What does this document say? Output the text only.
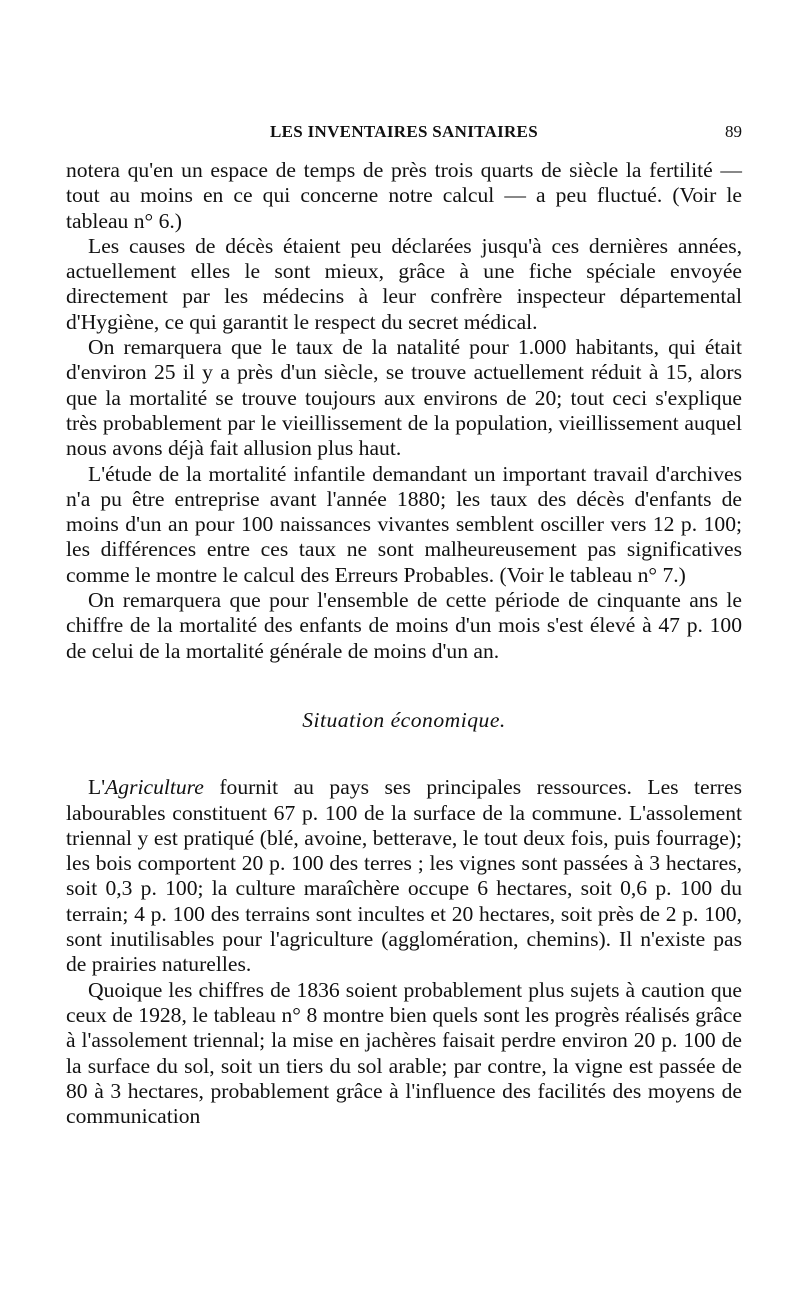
LES INVENTAIRES SANITAIRES	89

notera qu'en un espace de temps de près trois quarts de siècle la fertilité — tout au moins en ce qui concerne notre calcul — a peu fluctué. (Voir le tableau n° 6.)

Les causes de décès étaient peu déclarées jusqu'à ces dernières années, actuellement elles le sont mieux, grâce à une fiche spéciale envoyée directement par les médecins à leur confrère inspecteur départemental d'Hygiène, ce qui garantit le respect du secret médical.

On remarquera que le taux de la natalité pour 1.000 habitants, qui était d'environ 25 il y a près d'un siècle, se trouve actuellement réduit à 15, alors que la mortalité se trouve toujours aux environs de 20; tout ceci s'explique très probablement par le vieillissement de la population, vieillissement auquel nous avons déjà fait allusion plus haut.

L'étude de la mortalité infantile demandant un important travail d'archives n'a pu être entreprise avant l'année 1880; les taux des décès d'enfants de moins d'un an pour 100 naissances vivantes semblent osciller vers 12 p. 100; les différences entre ces taux ne sont malheureusement pas significatives comme le montre le calcul des Erreurs Probables. (Voir le tableau n° 7.)

On remarquera que pour l'ensemble de cette période de cinquante ans le chiffre de la mortalité des enfants de moins d'un mois s'est élevé à 47 p. 100 de celui de la mortalité générale de moins d'un an.

Situation économique.

L'Agriculture fournit au pays ses principales ressources. Les terres labourables constituent 67 p. 100 de la surface de la commune. L'assolement triennal y est pratiqué (blé, avoine, betterave, le tout deux fois, puis fourrage); les bois comportent 20 p. 100 des terres ; les vignes sont passées à 3 hectares, soit 0,3 p. 100; la culture maraîchère occupe 6 hectares, soit 0,6 p. 100 du terrain; 4 p. 100 des terrains sont incultes et 20 hectares, soit près de 2 p. 100, sont inutilisables pour l'agriculture (agglomération, chemins). Il n'existe pas de prairies naturelles.

Quoique les chiffres de 1836 soient probablement plus sujets à caution que ceux de 1928, le tableau n° 8 montre bien quels sont les progrès réalisés grâce à l'assolement triennal; la mise en jachères faisait perdre environ 20 p. 100 de la surface du sol, soit un tiers du sol arable; par contre, la vigne est passée de 80 à 3 hectares, probablement grâce à l'influence des facilités des moyens de communication
